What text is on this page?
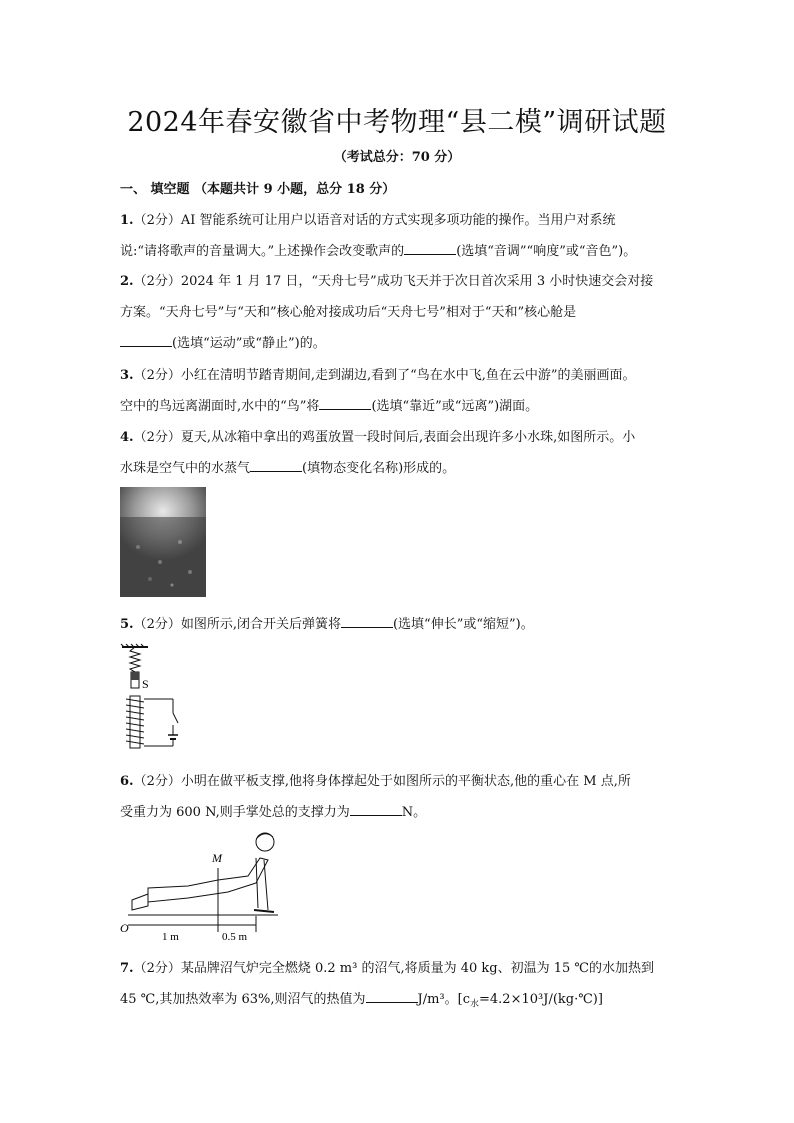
2024年春安徽省中考物理“县二模”调研试题
（考试总分：70 分）
一、 填空题 （本题共计 9 小题，总分 18 分）
1.（2分）AI 智能系统可让用户以语音对话的方式实现多项功能的操作。当用户对系统
说:“请将歌声的音量调大。”上述操作会改变歌声的	(选填“音调”“响度”或“音色”)。
2.（2分）2024 年 1 月 17 日，“天舟七号”成功飞天并于次日首次采用 3 小时快速交会对接
方案。“天舟七号”与“天和”核心舱对接成功后“天舟七号”相对于“天和”核心舱是
(选填“运动”或“静止”)的。
3.（2分）小红在清明节踏青期间,走到湖边,看到了“鸟在水中飞,鱼在云中游”的美丽画面。
空中的鸟远离湖面时,水中的“鸟”将	(选填“靠近”或“远离”)湖面。
4.（2分）夏天,从冰箱中拿出的鸡蛋放置一段时间后,表面会出现许多小水珠,如图所示。小
水珠是空气中的水蒸气	(填物态变化名称)形成的。
5.（2分）如图所示,闭合开关后弹簧将	(选填“伸长”或“缩短”)。
S
6.（2分）小明在做平板支撑,他将身体撑起处于如图所示的平衡状态,他的重心在 M 点,所
受重力为 600 N,则手掌处总的支撑力为	N。
M
O
1 m	0.5 m
7.（2分）某品牌沼气炉完全燃烧 0.2 m³ 的沼气,将质量为 40 kg、初温为 15 ℃的水加热到
45 ℃,其加热效率为 63%,则沼气的热值为	J/m³。$[c_水=4.2\times 10^3J/(kg\cdot℃)]$
